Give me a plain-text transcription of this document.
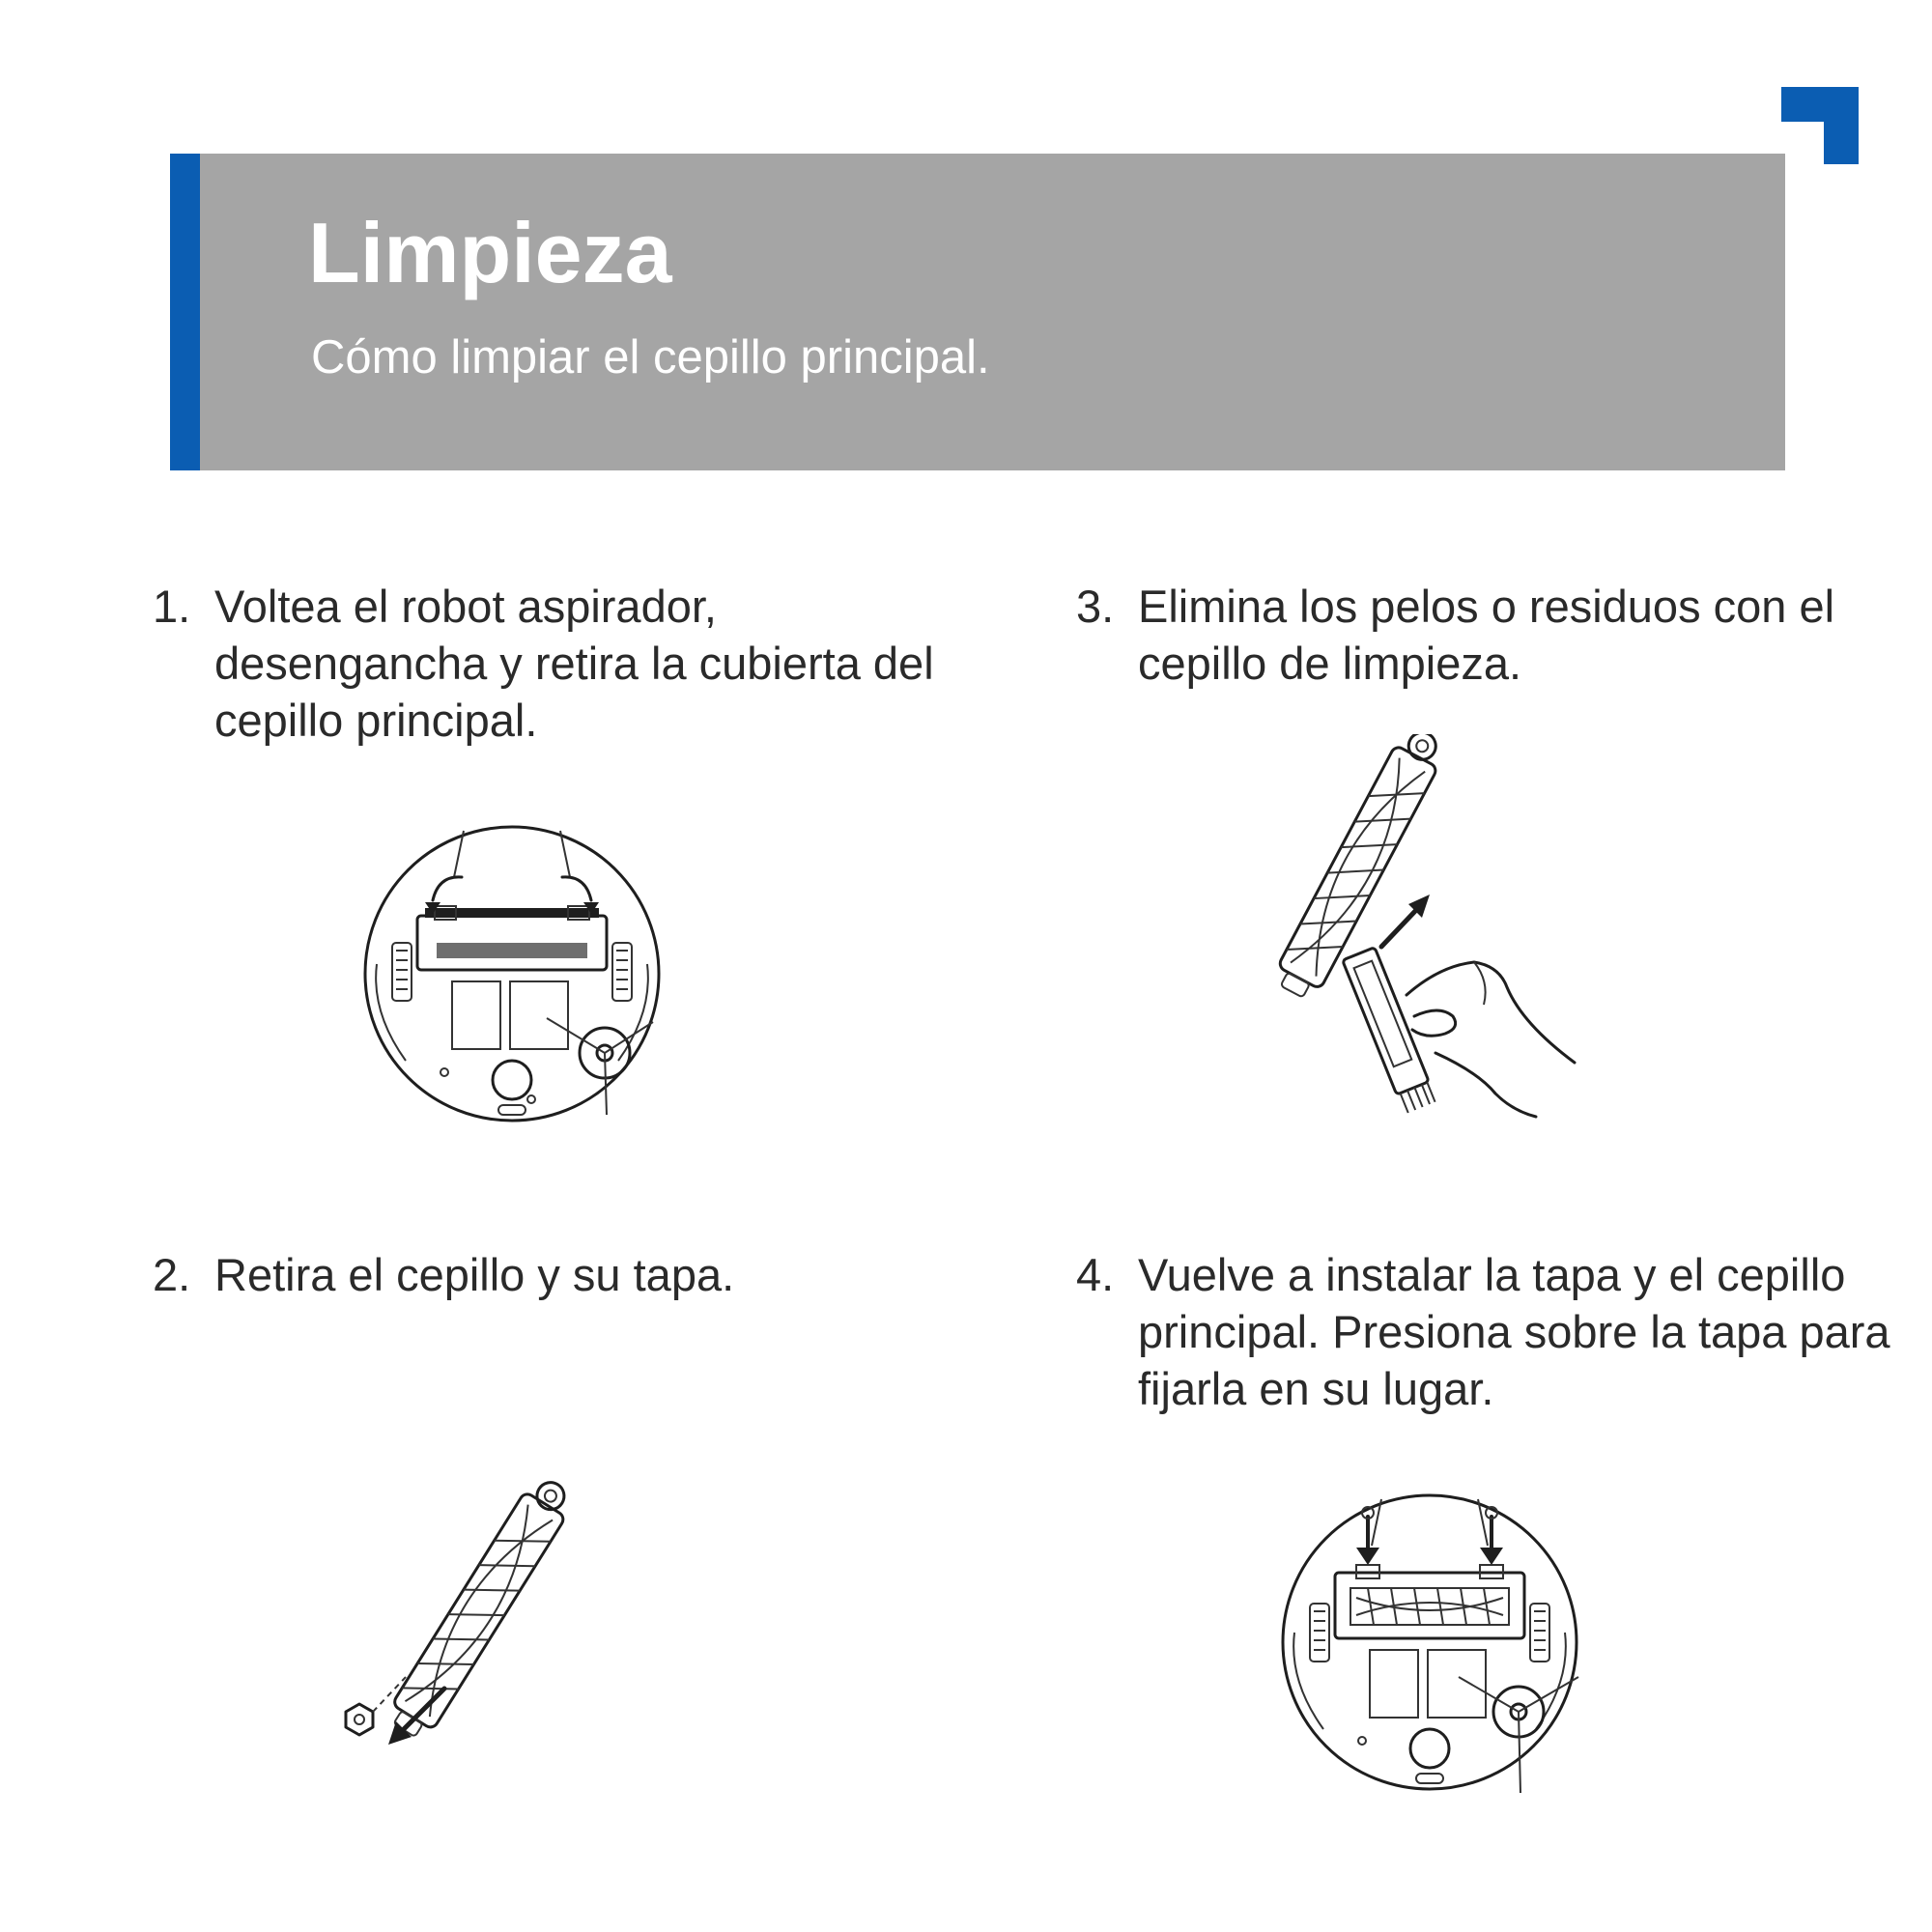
Limpieza

Cómo limpiar el cepillo principal.

1. Voltea el robot aspirador, desengancha y retira la cubierta del cepillo principal.
2. Retira el cepillo y su tapa.
3. Elimina los pelos o residuos con el cepillo de limpieza.
4. Vuelve a instalar la tapa y el cepillo principal. Presiona sobre la tapa para fijarla en su lugar.
